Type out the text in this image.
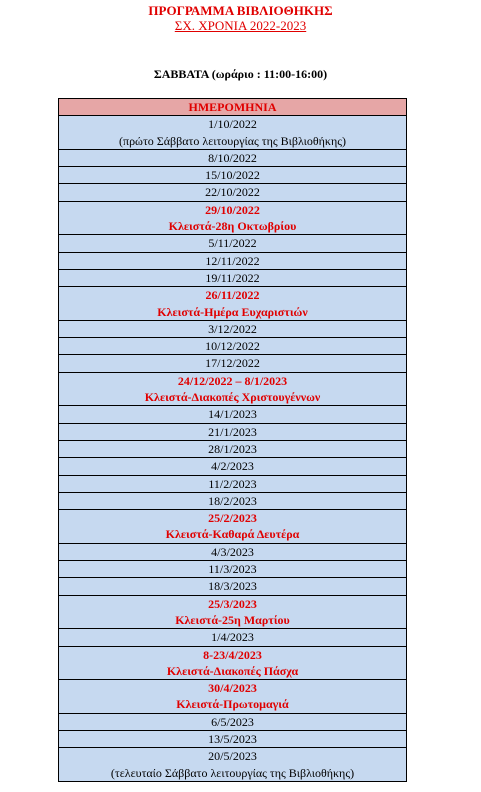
ΠΡΟΓΡΑΜΜΑ ΒΙΒΛΙΟΘΗΚΗΣ
ΣΧ. ΧΡΟΝΙΑ 2022-2023
ΣΑΒΒΑΤΑ (ωράριο : 11:00-16:00)
ΗΜΕΡΟΜΗΝΙΑ

1/10/2022
(πρώτο Σάββατο λειτουργίας της Βιβλιοθήκης)

8/10/2022

15/10/2022

22/10/2022

29/10/2022
Κλειστά-28η Οκτωβρίου

5/11/2022

12/11/2022

19/11/2022

26/11/2022
Κλειστά-Ημέρα Ευχαριστιών

3/12/2022

10/12/2022

17/12/2022

24/12/2022 – 8/1/2023
Κλειστά-Διακοπές Χριστουγέννων

14/1/2023

21/1/2023

28/1/2023

4/2/2023

11/2/2023

18/2/2023

25/2/2023
Κλειστά-Καθαρά Δευτέρα

4/3/2023

11/3/2023

18/3/2023

25/3/2023
Κλειστά-25η Μαρτίου

1/4/2023

8-23/4/2023
Κλειστά-Διακοπές Πάσχα

30/4/2023
Κλειστά-Πρωτομαγιά

6/5/2023

13/5/2023

20/5/2023
(τελευταίο Σάββατο λειτουργίας της Βιβλιοθήκης)
